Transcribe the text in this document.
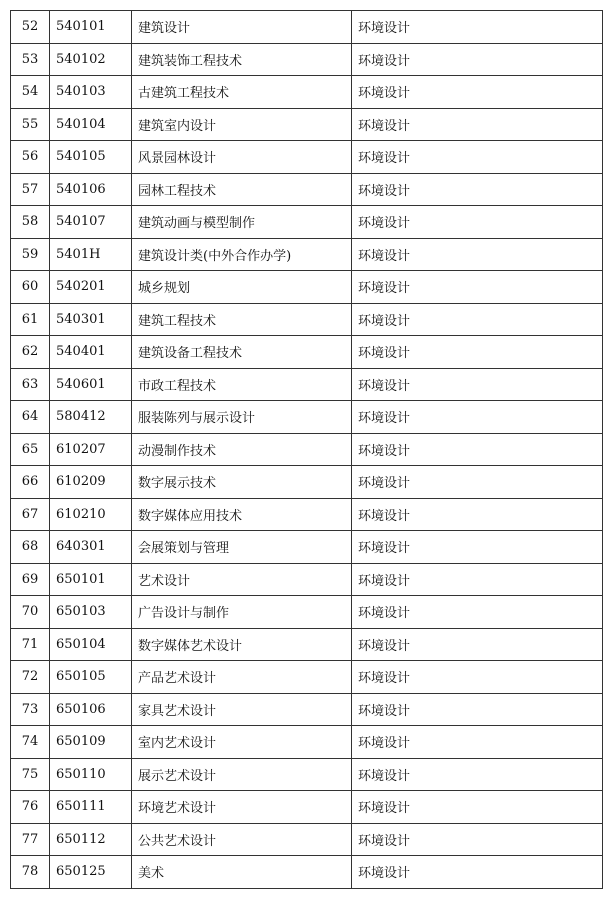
52	540101	建筑设计	环境设计
53	540102	建筑装饰工程技术	环境设计
54	540103	古建筑工程技术	环境设计
55	540104	建筑室内设计	环境设计
56	540105	风景园林设计	环境设计
57	540106	园林工程技术	环境设计
58	540107	建筑动画与模型制作	环境设计
59	5401H	建筑设计类(中外合作办学)	环境设计
60	540201	城乡规划	环境设计
61	540301	建筑工程技术	环境设计
62	540401	建筑设备工程技术	环境设计
63	540601	市政工程技术	环境设计
64	580412	服装陈列与展示设计	环境设计
65	610207	动漫制作技术	环境设计
66	610209	数字展示技术	环境设计
67	610210	数字媒体应用技术	环境设计
68	640301	会展策划与管理	环境设计
69	650101	艺术设计	环境设计
70	650103	广告设计与制作	环境设计
71	650104	数字媒体艺术设计	环境设计
72	650105	产品艺术设计	环境设计
73	650106	家具艺术设计	环境设计
74	650109	室内艺术设计	环境设计
75	650110	展示艺术设计	环境设计
76	650111	环境艺术设计	环境设计
77	650112	公共艺术设计	环境设计
78	650125	美术	环境设计
